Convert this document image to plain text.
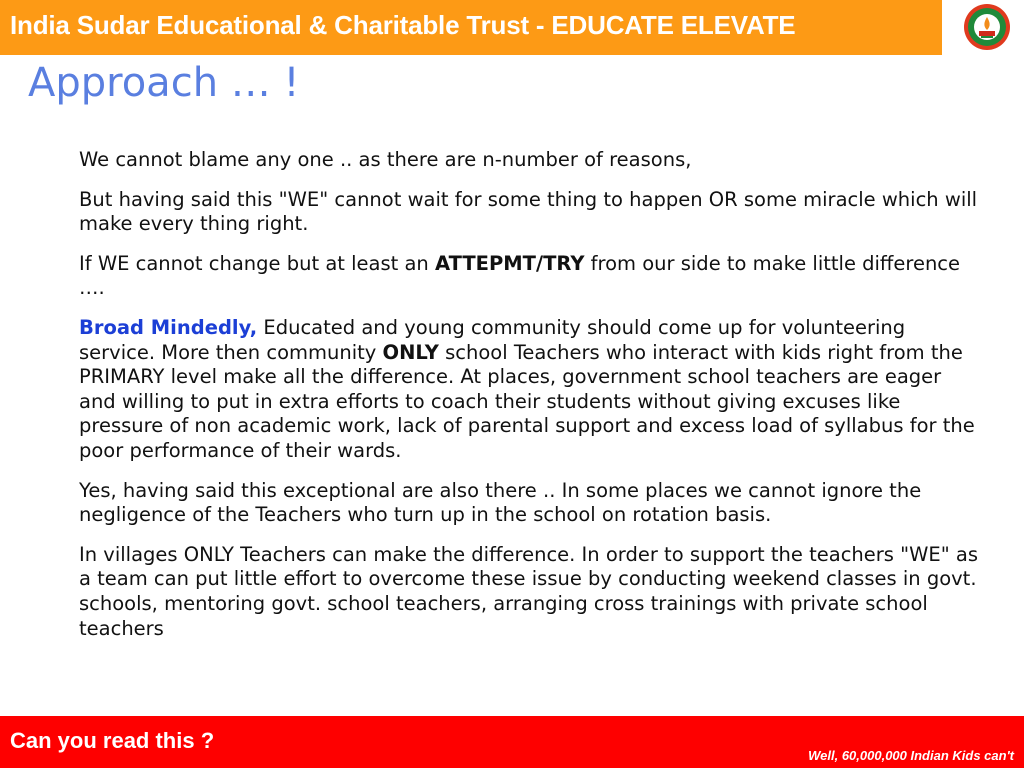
India Sudar Educational & Charitable Trust - EDUCATE ELEVATE
Approach … !

We cannot blame any one .. as there are n-number of reasons,

But having said this "WE" cannot wait for some thing to happen OR some miracle which will make every thing right.

If WE cannot change but at least an ATTEPMT/TRY from our side to make little difference ….

Broad Mindedly, Educated and young community should come up for volunteering service. More then community ONLY school Teachers who interact with kids right from the PRIMARY level make all the difference. At places, government school teachers are eager and willing to put in extra efforts to coach their students without giving excuses like pressure of non academic work, lack of parental support and excess load of syllabus for the poor performance of their wards.

Yes, having said this exceptional are also there .. In some places we cannot ignore the negligence of the Teachers who turn up in the school on rotation basis.

In villages ONLY Teachers can make the difference. In order to support the teachers "WE" as a team can put little effort to overcome these issue by conducting weekend classes in govt. schools, mentoring govt. school teachers, arranging cross trainings with private school teachers

Can you read this ?
Well, 60,000,000 Indian Kids can't
